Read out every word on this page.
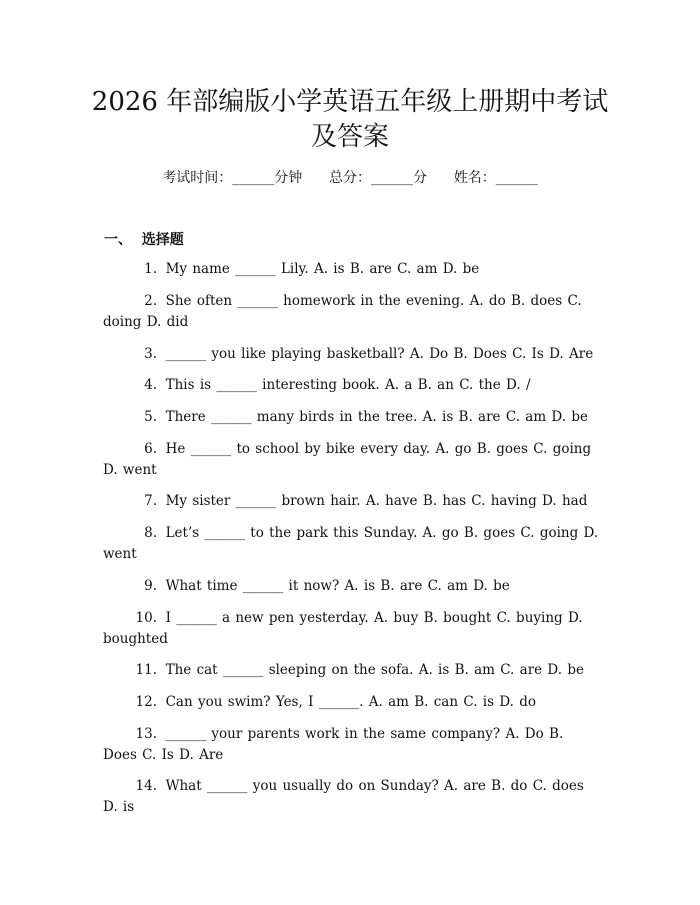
2026 年部编版小学英语五年级上册期中考试
及答案
考试时间：______分钟      总分：______分      姓名：______
一、  选择题
1. My name ______ Lily. A. is B. are C. am D. be
2. She often ______ homework in the evening. A. do B. does C. doing D. did
3. ______ you like playing basketball? A. Do B. Does C. Is D. Are
4. This is ______ interesting book. A. a B. an C. the D. /
5. There ______ many birds in the tree. A. is B. are C. am D. be
6. He ______ to school by bike every day. A. go B. goes C. going D. went
7. My sister ______ brown hair. A. have B. has C. having D. had
8. Let’s ______ to the park this Sunday. A. go B. goes C. going D. went
9. What time ______ it now? A. is B. are C. am D. be
10. I ______ a new pen yesterday. A. buy B. bought C. buying D. boughted
11. The cat ______ sleeping on the sofa. A. is B. am C. are D. be
12. Can you swim? Yes, I ______. A. am B. can C. is D. do
13. ______ your parents work in the same company? A. Do B. Does C. Is D. Are
14. What ______ you usually do on Sunday? A. are B. do C. does D. is
